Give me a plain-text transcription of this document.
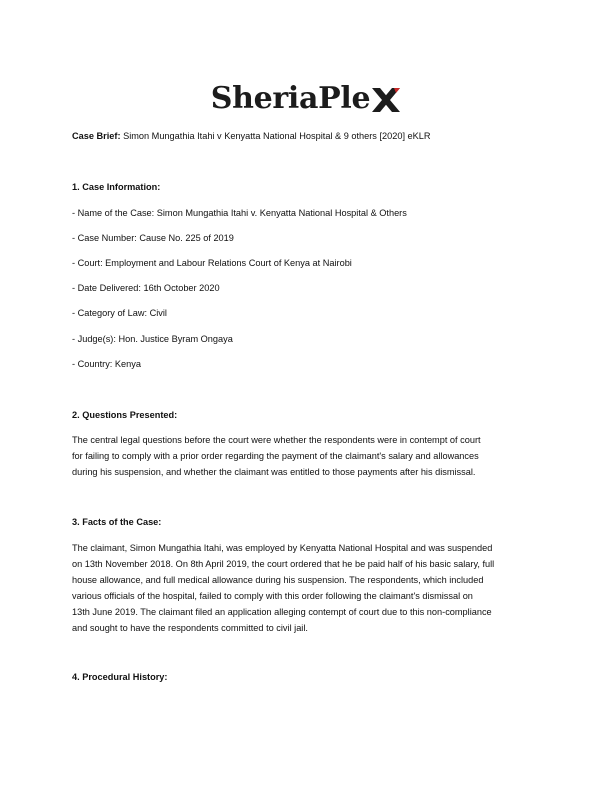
SheriaPle
Case Brief: Simon Mungathia Itahi v Kenyatta National Hospital & 9 others [2020] eKLR
1. Case Information:
- Name of the Case: Simon Mungathia Itahi v. Kenyatta National Hospital & Others
- Case Number: Cause No. 225 of 2019
- Court: Employment and Labour Relations Court of Kenya at Nairobi
- Date Delivered: 16th October 2020
- Category of Law: Civil
- Judge(s): Hon. Justice Byram Ongaya
- Country: Kenya
2. Questions Presented:
The central legal questions before the court were whether the respondents were in contempt of court
for failing to comply with a prior order regarding the payment of the claimant's salary and allowances
during his suspension, and whether the claimant was entitled to those payments after his dismissal.
3. Facts of the Case:
The claimant, Simon Mungathia Itahi, was employed by Kenyatta National Hospital and was suspended
on 13th November 2018. On 8th April 2019, the court ordered that he be paid half of his basic salary, full
house allowance, and full medical allowance during his suspension. The respondents, which included
various officials of the hospital, failed to comply with this order following the claimant's dismissal on
13th June 2019. The claimant filed an application alleging contempt of court due to this non-compliance
and sought to have the respondents committed to civil jail.
4. Procedural History:
